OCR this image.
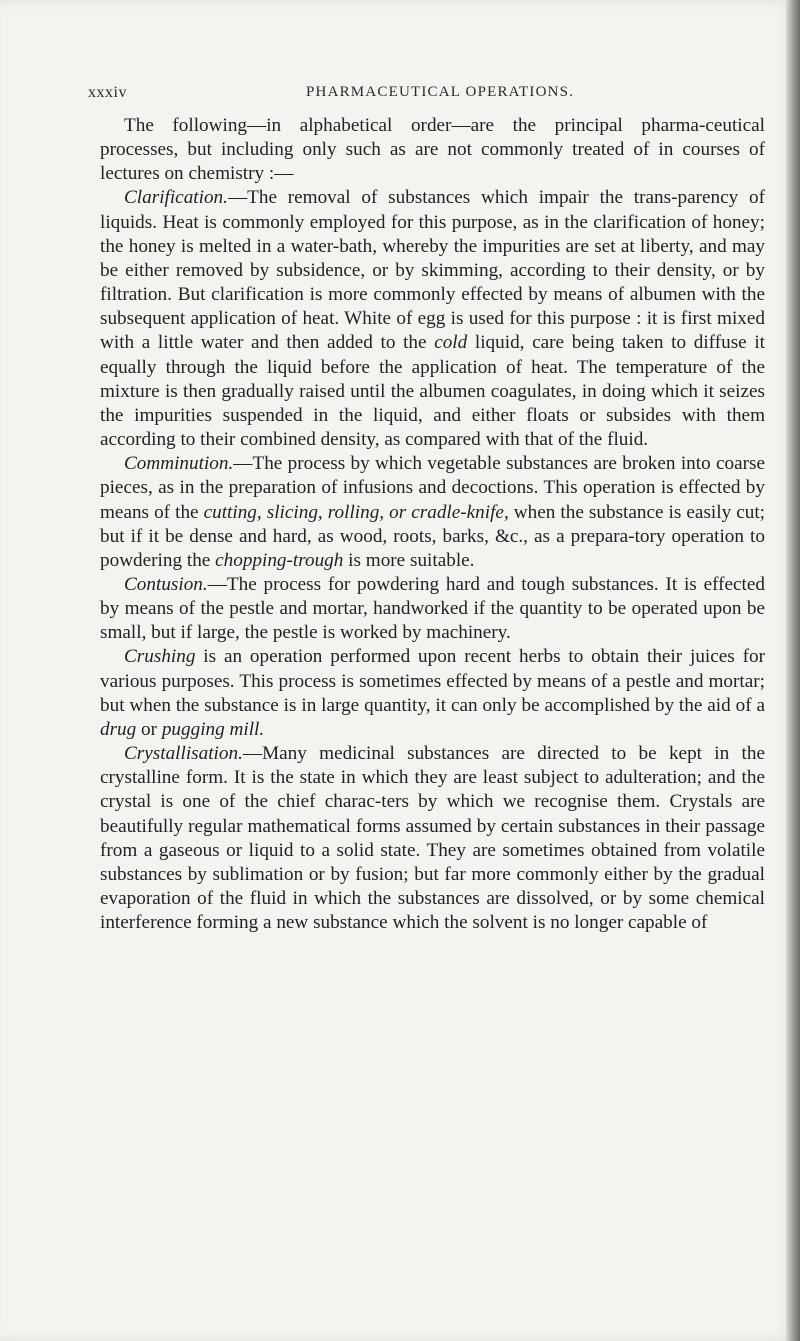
xxxiv	PHARMACEUTICAL OPERATIONS.

The following—in alphabetical order—are the principal pharma-ceutical processes, but including only such as are not commonly treated of in courses of lectures on chemistry :—

Clarification.—The removal of substances which impair the trans-parency of liquids. Heat is commonly employed for this purpose, as in the clarification of honey; the honey is melted in a water-bath, whereby the impurities are set at liberty, and may be either removed by subsidence, or by skimming, according to their density, or by filtration. But clarification is more commonly effected by means of albumen with the subsequent application of heat. White of egg is used for this purpose : it is first mixed with a little water and then added to the cold liquid, care being taken to diffuse it equally through the liquid before the application of heat. The temperature of the mixture is then gradually raised until the albumen coagulates, in doing which it seizes the impurities suspended in the liquid, and either floats or subsides with them according to their combined density, as compared with that of the fluid.

Comminution.—The process by which vegetable substances are broken into coarse pieces, as in the preparation of infusions and decoctions. This operation is effected by means of the cutting, slicing, rolling, or cradle-knife, when the substance is easily cut; but if it be dense and hard, as wood, roots, barks, &c., as a prepara-tory operation to powdering the chopping-trough is more suitable.

Contusion.—The process for powdering hard and tough substances. It is effected by means of the pestle and mortar, handworked if the quantity to be operated upon be small, but if large, the pestle is worked by machinery.

Crushing is an operation performed upon recent herbs to obtain their juices for various purposes. This process is sometimes effected by means of a pestle and mortar; but when the substance is in large quantity, it can only be accomplished by the aid of a drug or pugging mill.

Crystallisation.—Many medicinal substances are directed to be kept in the crystalline form. It is the state in which they are least subject to adulteration; and the crystal is one of the chief charac-ters by which we recognise them. Crystals are beautifully regular mathematical forms assumed by certain substances in their passage from a gaseous or liquid to a solid state. They are sometimes obtained from volatile substances by sublimation or by fusion; but far more commonly either by the gradual evaporation of the fluid in which the substances are dissolved, or by some chemical interference forming a new substance which the solvent is no longer capable of
